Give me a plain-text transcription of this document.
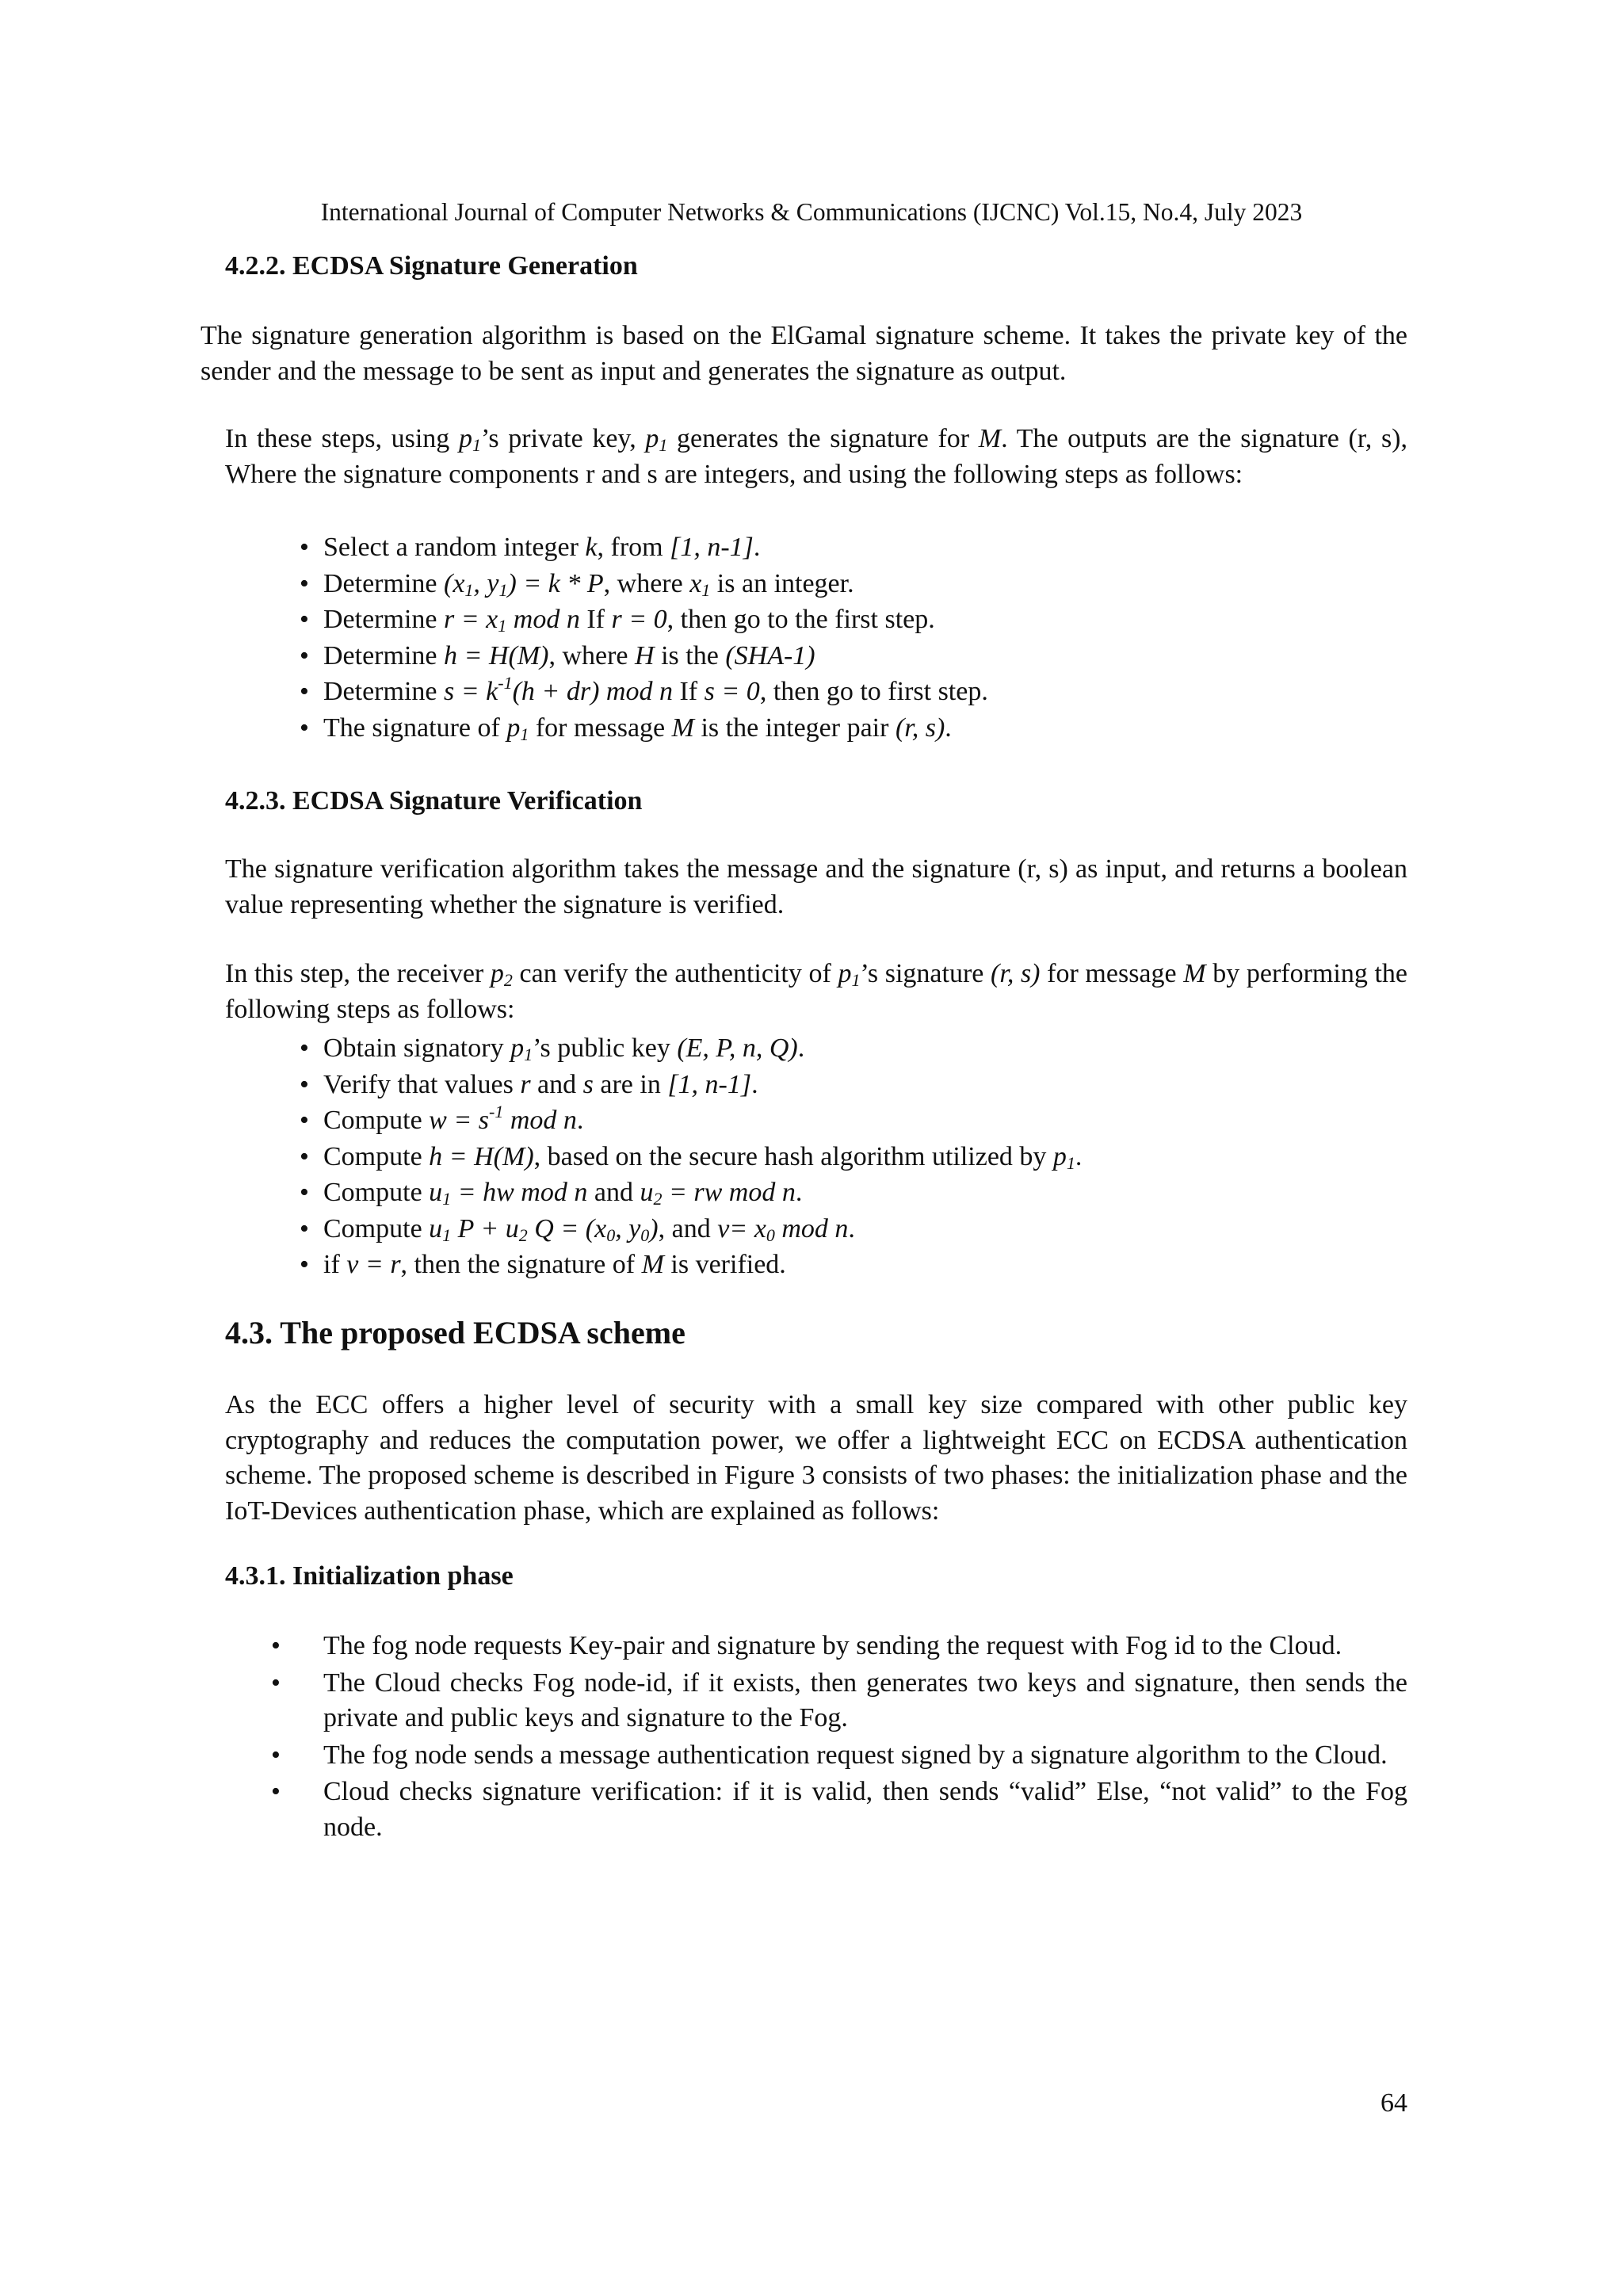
International Journal of Computer Networks & Communications (IJCNC) Vol.15, No.4, July 2023
4.2.2. ECDSA Signature Generation

The signature generation algorithm is based on the ElGamal signature scheme. It takes the private key of the sender and the message to be sent as input and generates the signature as output.

In these steps, using $p_1’s$ private key, $p_1$ generates the signature for M. The outputs are the signature (r, s), Where the signature components r and s are integers, and using the following steps as follows:

• Select a random integer k, from [1, n-1].
• Determine ($x_1$, $y_1) = k * P$, where $x_1$ is an integer.
• Determine $r = x_1$ mod n If r = 0, then go to the first step.
• Determine h = H(M), where H is the (SHA-1)
• Determine $s = k^{-1}(h + dr)$ mod n If s = 0, then go to first step.
• The signature of $p_1$ for message M is the integer pair (r, s).
4.2.3. ECDSA Signature Verification

The signature verification algorithm takes the message and the signature (r, s) as input, and returns a boolean value representing whether the signature is verified.

In this step, the receiver $p_2$ can verify the authenticity of $p_1’s$ signature (r, s) for message M by performing the following steps as follows:

• Obtain signatory $p_1’s$ public key (E, P, n, Q).
• Verify that values r and s are in [1, n-1].
• Compute $w = s^{-1}$ mod n.
• Compute h = H(M), based on the secure hash algorithm utilized by $p_1$.
• Compute $u_1$ = hw mod n and $u_2$ = rw mod n.
• Compute $u_1$ $P + u_2$ $Q = (x_0$, $y_0$), and $v= x_0$ mod n.
• if v = r, then the signature of M is verified.
4.3. The proposed ECDSA scheme

As the ECC offers a higher level of security with a small key size compared with other public key cryptography and reduces the computation power, we offer a lightweight ECC on ECDSA authentication scheme. The proposed scheme is described in Figure 3 consists of two phases: the initialization phase and the IoT-Devices authentication phase, which are explained as follows:

4.3.1. Initialization phase
• The fog node requests Key-pair and signature by sending the request with Fog id to the Cloud.
• The Cloud checks Fog node-id, if it exists, then generates two keys and signature, then sends the private and public keys and signature to the Fog.
• The fog node sends a message authentication request signed by a signature algorithm to the Cloud.
• Cloud checks signature verification: if it is valid, then sends “valid” Else, “not valid” to the Fog node.
64
